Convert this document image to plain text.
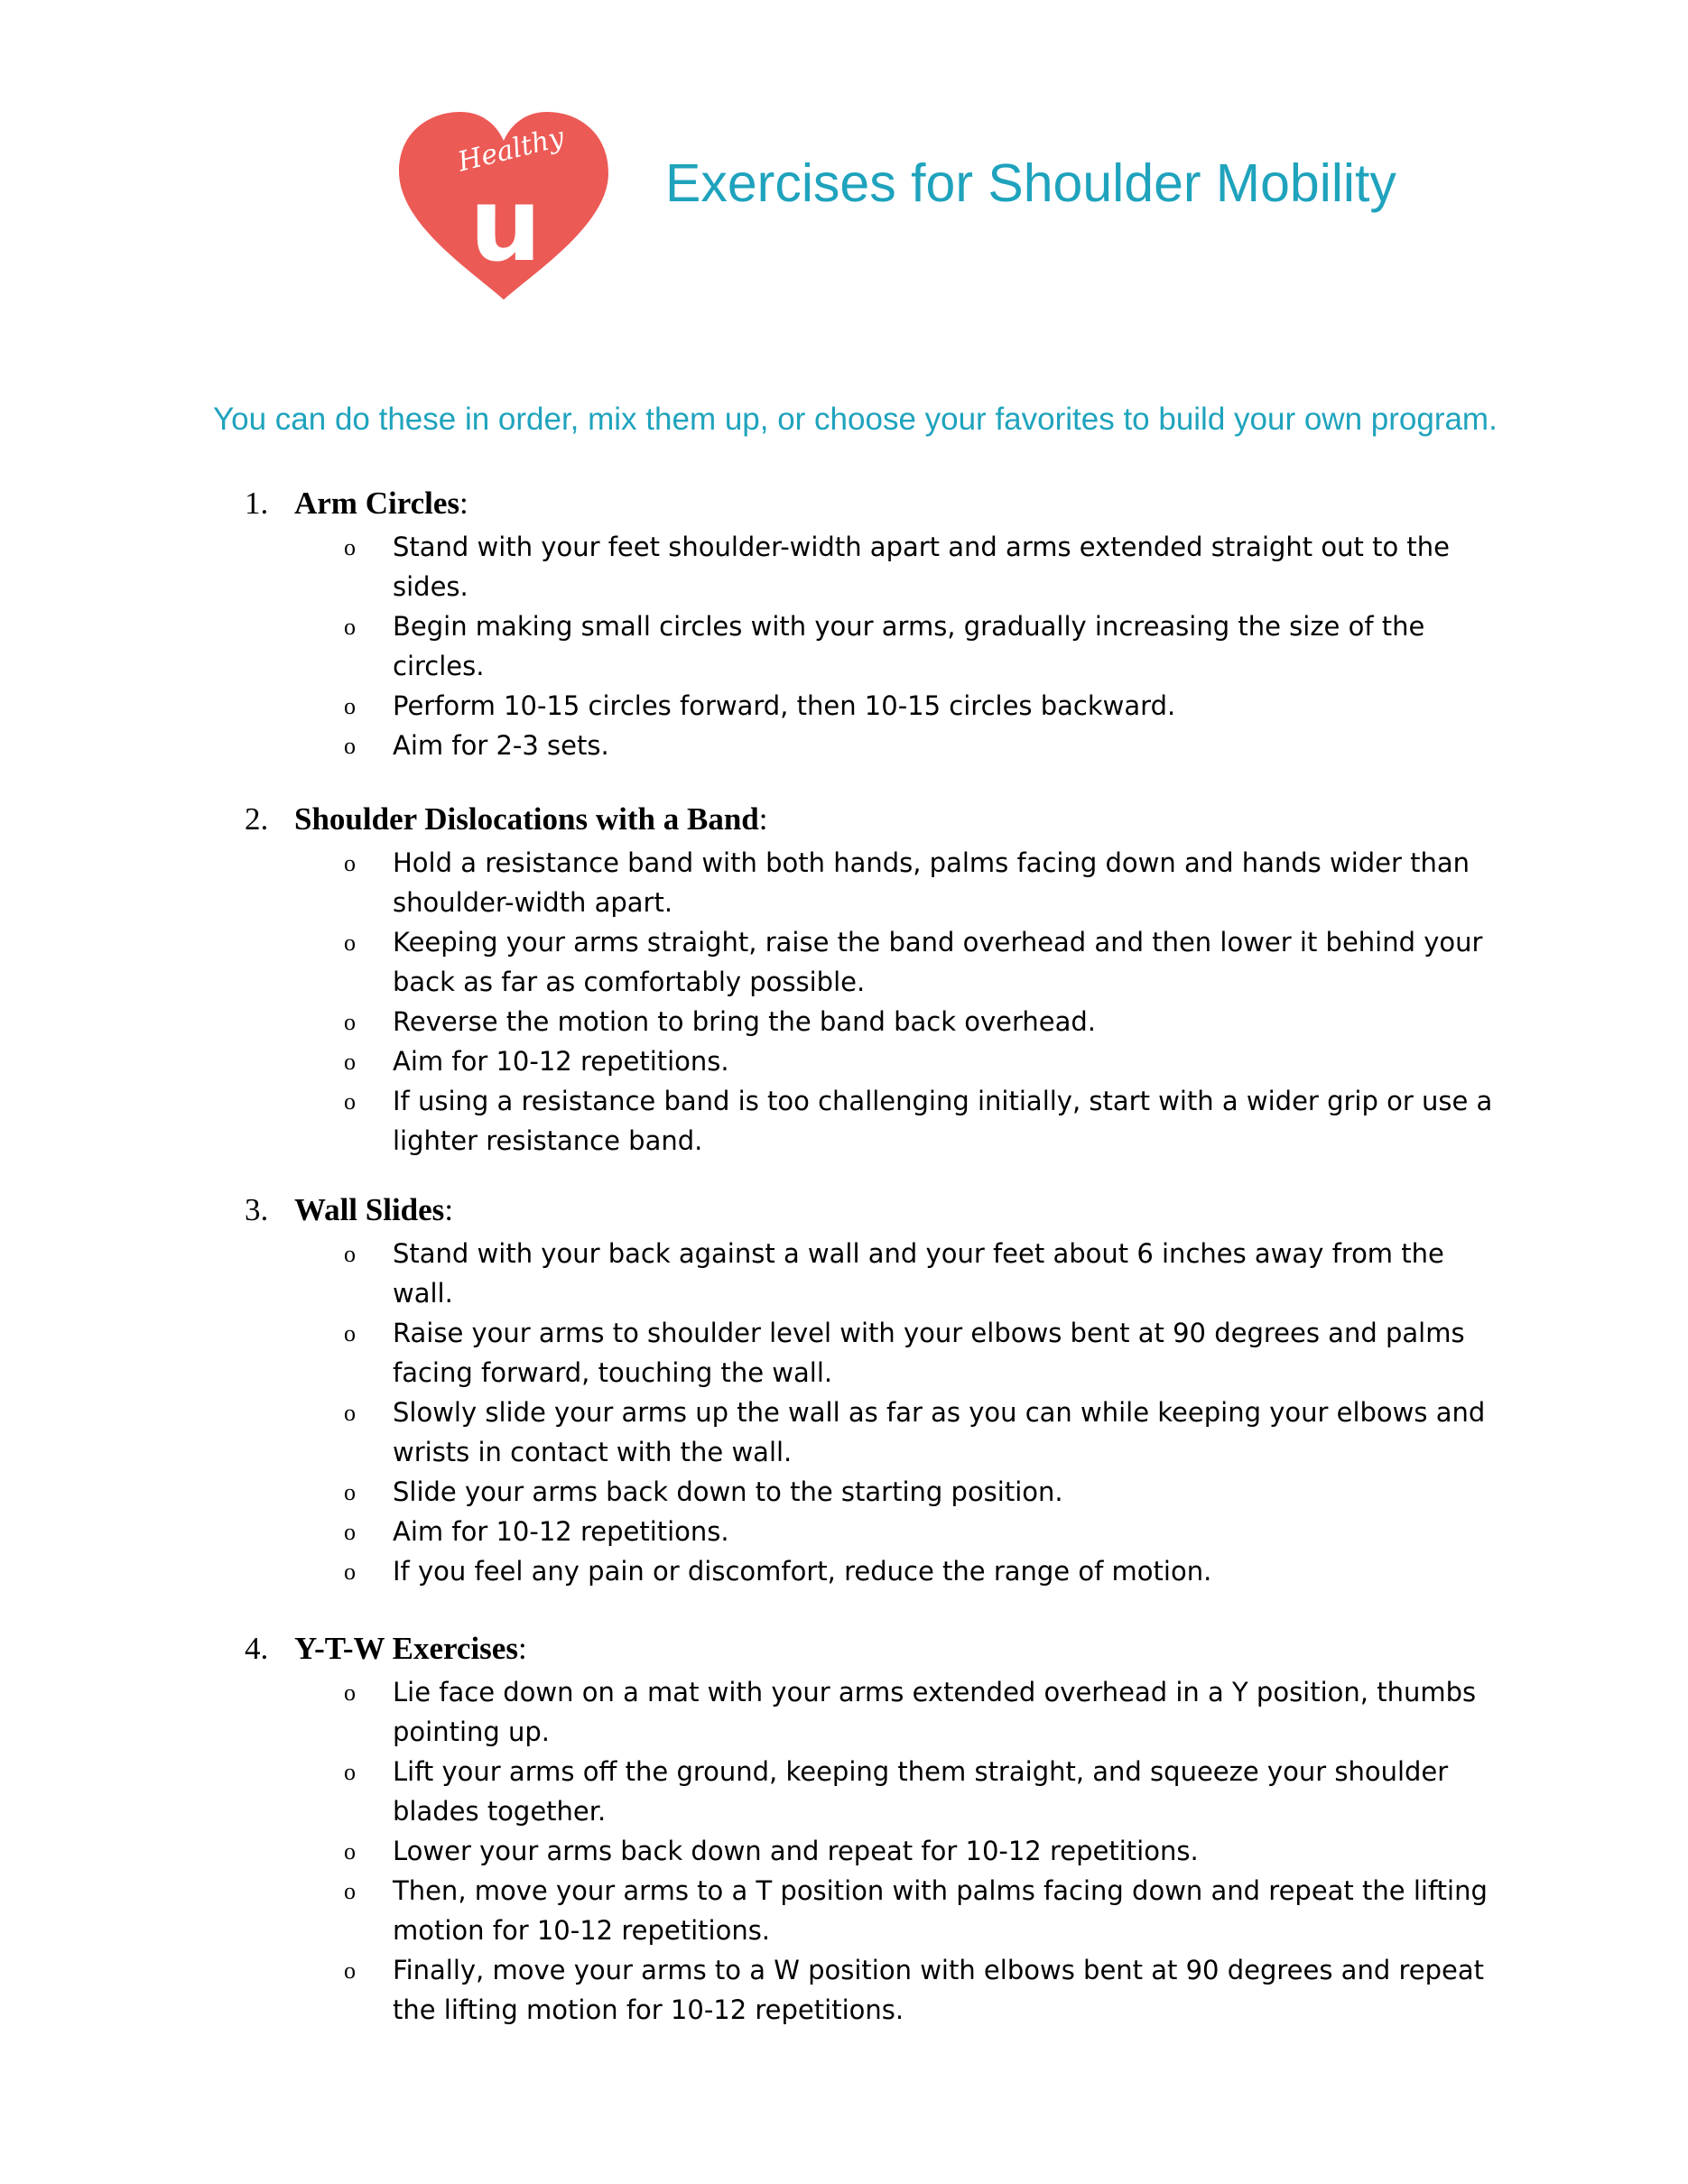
Healthy
u Exercises for Shoulder Mobility
You can do these in order, mix them up, or choose your favorites to build your own program.
1. Arm Circles:
o Stand with your feet shoulder-width apart and arms extended straight out to the sides.
o Begin making small circles with your arms, gradually increasing the size of the circles.
o Perform 10-15 circles forward, then 10-15 circles backward.
o Aim for 2-3 sets.
2. Shoulder Dislocations with a Band:
o Hold a resistance band with both hands, palms facing down and hands wider than shoulder-width apart.
o Keeping your arms straight, raise the band overhead and then lower it behind your back as far as comfortably possible.
o Reverse the motion to bring the band back overhead.
o Aim for 10-12 repetitions.
o If using a resistance band is too challenging initially, start with a wider grip or use a lighter resistance band.
3. Wall Slides:
o Stand with your back against a wall and your feet about 6 inches away from the wall.
o Raise your arms to shoulder level with your elbows bent at 90 degrees and palms facing forward, touching the wall.
o Slowly slide your arms up the wall as far as you can while keeping your elbows and wrists in contact with the wall.
o Slide your arms back down to the starting position.
o Aim for 10-12 repetitions.
o If you feel any pain or discomfort, reduce the range of motion.
4. Y-T-W Exercises:
o Lie face down on a mat with your arms extended overhead in a Y position, thumbs pointing up.
o Lift your arms off the ground, keeping them straight, and squeeze your shoulder blades together.
o Lower your arms back down and repeat for 10-12 repetitions.
o Then, move your arms to a T position with palms facing down and repeat the lifting motion for 10-12 repetitions.
o Finally, move your arms to a W position with elbows bent at 90 degrees and repeat the lifting motion for 10-12 repetitions.
